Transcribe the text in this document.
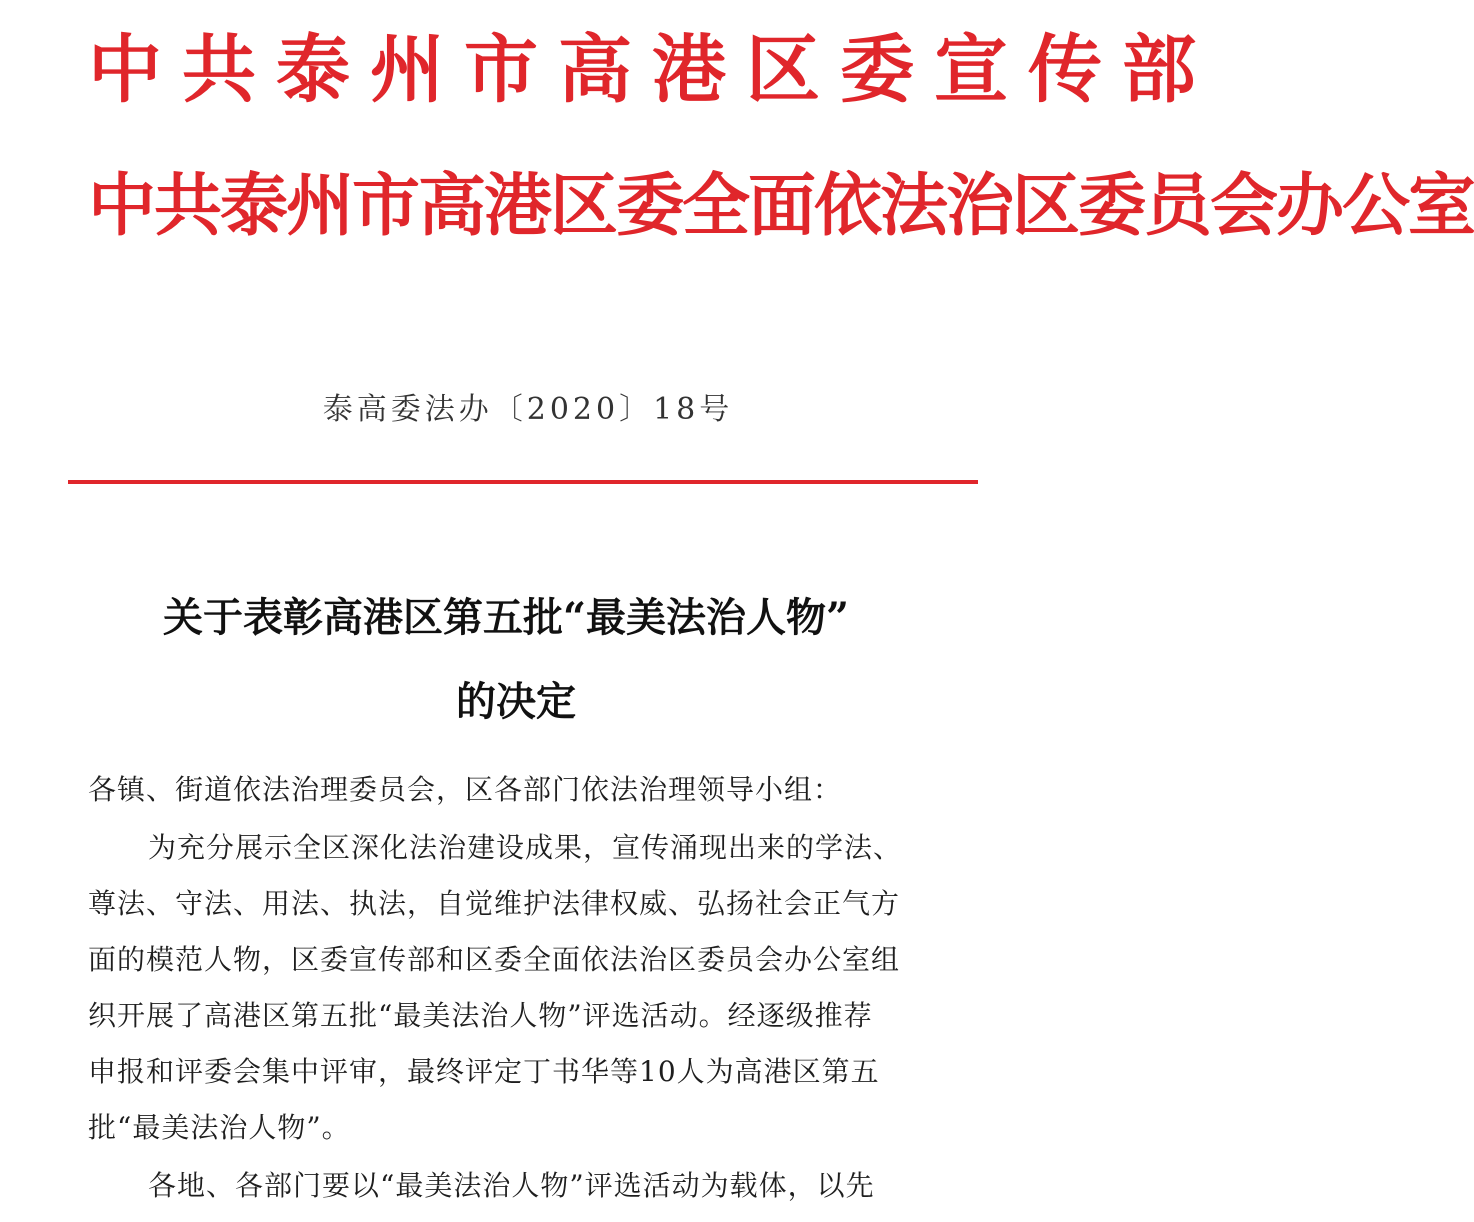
中共泰州市高港区委宣传部
中共泰州市高港区委全面依法治区委员会办公室
泰高委法办〔2020〕18号
关于表彰高港区第五批“最美法治人物”
的决定
各镇、街道依法治理委员会，区各部门依法治理领导小组：
为充分展示全区深化法治建设成果，宣传涌现出来的学法、
尊法、守法、用法、执法，自觉维护法律权威、弘扬社会正气方
面的模范人物，区委宣传部和区委全面依法治区委员会办公室组
织开展了高港区第五批“最美法治人物”评选活动。经逐级推荐
申报和评委会集中评审，最终评定丁书华等10人为高港区第五
批“最美法治人物”。
各地、各部门要以“最美法治人物”评选活动为载体，以先
